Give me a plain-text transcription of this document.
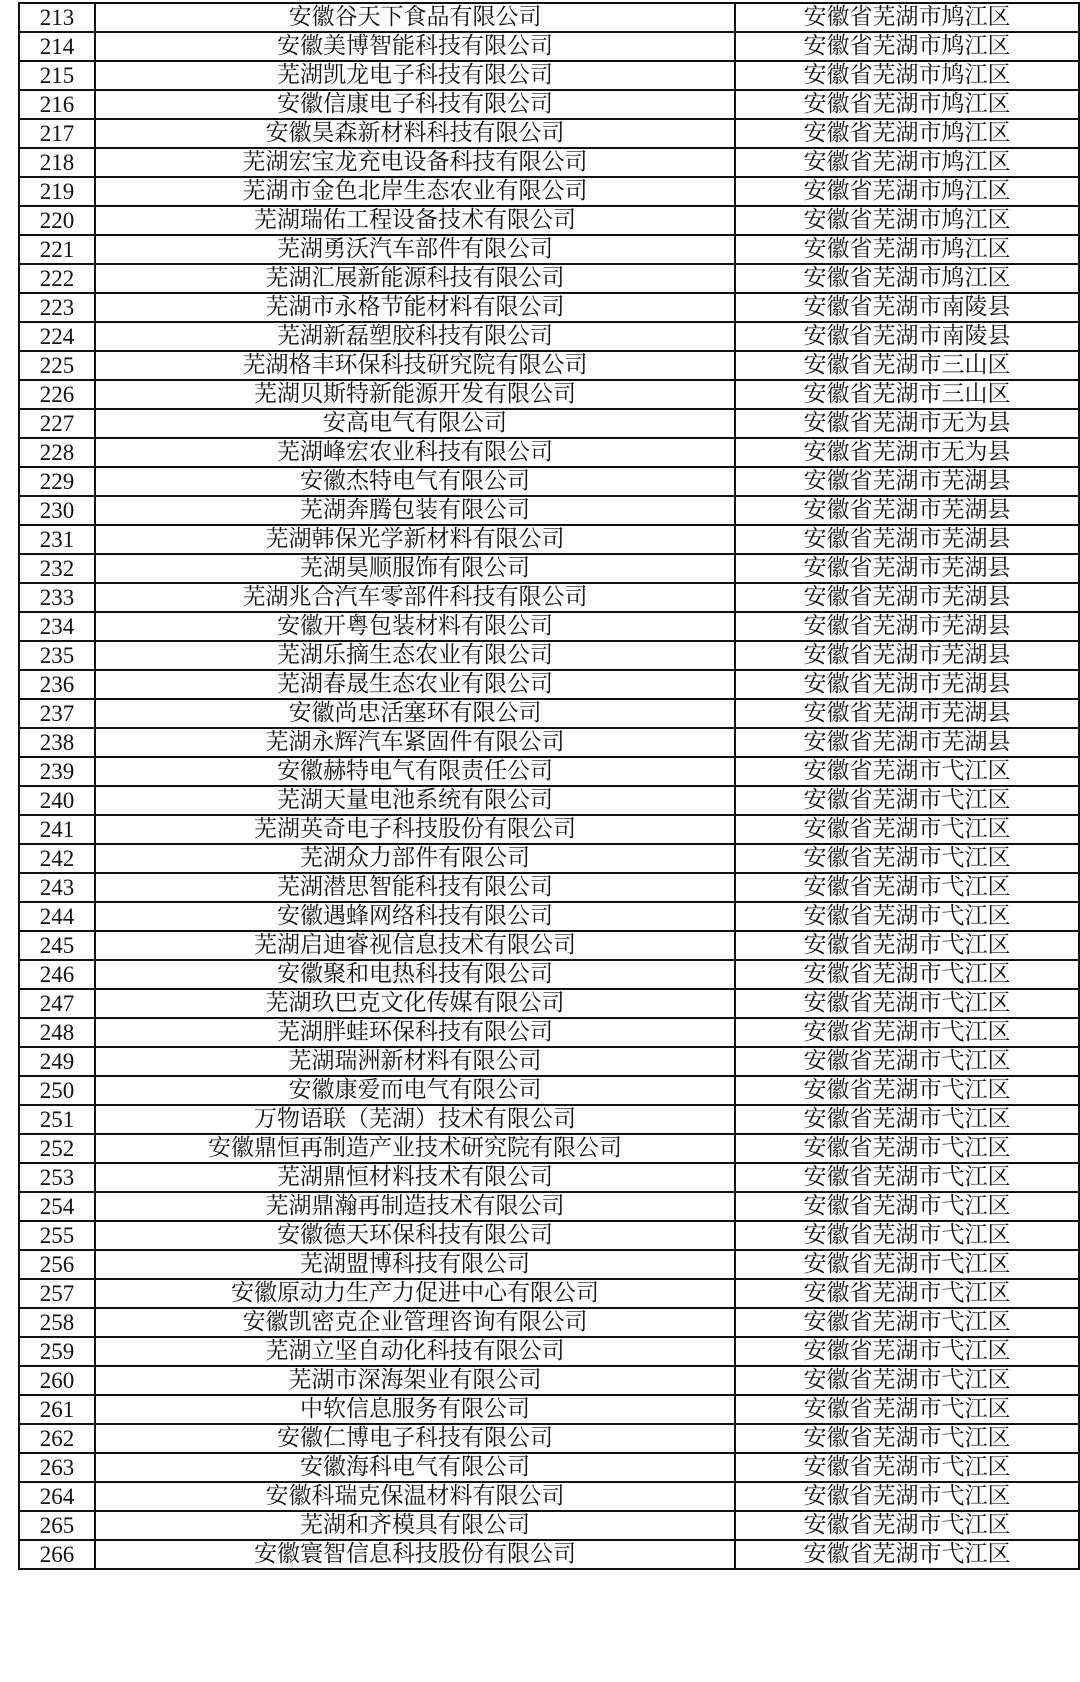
213	安徽谷天下食品有限公司	安徽省芜湖市鸠江区
214	安徽美博智能科技有限公司	安徽省芜湖市鸠江区
215	芜湖凯龙电子科技有限公司	安徽省芜湖市鸠江区
216	安徽信康电子科技有限公司	安徽省芜湖市鸠江区
217	安徽昊森新材料科技有限公司	安徽省芜湖市鸠江区
218	芜湖宏宝龙充电设备科技有限公司	安徽省芜湖市鸠江区
219	芜湖市金色北岸生态农业有限公司	安徽省芜湖市鸠江区
220	芜湖瑞佑工程设备技术有限公司	安徽省芜湖市鸠江区
221	芜湖勇沃汽车部件有限公司	安徽省芜湖市鸠江区
222	芜湖汇展新能源科技有限公司	安徽省芜湖市鸠江区
223	芜湖市永格节能材料有限公司	安徽省芜湖市南陵县
224	芜湖新磊塑胶科技有限公司	安徽省芜湖市南陵县
225	芜湖格丰环保科技研究院有限公司	安徽省芜湖市三山区
226	芜湖贝斯特新能源开发有限公司	安徽省芜湖市三山区
227	安高电气有限公司	安徽省芜湖市无为县
228	芜湖峰宏农业科技有限公司	安徽省芜湖市无为县
229	安徽杰特电气有限公司	安徽省芜湖市芜湖县
230	芜湖奔腾包装有限公司	安徽省芜湖市芜湖县
231	芜湖韩保光学新材料有限公司	安徽省芜湖市芜湖县
232	芜湖昊顺服饰有限公司	安徽省芜湖市芜湖县
233	芜湖兆合汽车零部件科技有限公司	安徽省芜湖市芜湖县
234	安徽开粤包装材料有限公司	安徽省芜湖市芜湖县
235	芜湖乐摘生态农业有限公司	安徽省芜湖市芜湖县
236	芜湖春晟生态农业有限公司	安徽省芜湖市芜湖县
237	安徽尚忠活塞环有限公司	安徽省芜湖市芜湖县
238	芜湖永辉汽车紧固件有限公司	安徽省芜湖市芜湖县
239	安徽赫特电气有限责任公司	安徽省芜湖市弋江区
240	芜湖天量电池系统有限公司	安徽省芜湖市弋江区
241	芜湖英奇电子科技股份有限公司	安徽省芜湖市弋江区
242	芜湖众力部件有限公司	安徽省芜湖市弋江区
243	芜湖潜思智能科技有限公司	安徽省芜湖市弋江区
244	安徽遇蜂网络科技有限公司	安徽省芜湖市弋江区
245	芜湖启迪睿视信息技术有限公司	安徽省芜湖市弋江区
246	安徽聚和电热科技有限公司	安徽省芜湖市弋江区
247	芜湖玖巴克文化传媒有限公司	安徽省芜湖市弋江区
248	芜湖胖蛙环保科技有限公司	安徽省芜湖市弋江区
249	芜湖瑞洲新材料有限公司	安徽省芜湖市弋江区
250	安徽康爱而电气有限公司	安徽省芜湖市弋江区
251	万物语联（芜湖）技术有限公司	安徽省芜湖市弋江区
252	安徽鼎恒再制造产业技术研究院有限公司	安徽省芜湖市弋江区
253	芜湖鼎恒材料技术有限公司	安徽省芜湖市弋江区
254	芜湖鼎瀚再制造技术有限公司	安徽省芜湖市弋江区
255	安徽德天环保科技有限公司	安徽省芜湖市弋江区
256	芜湖盟博科技有限公司	安徽省芜湖市弋江区
257	安徽原动力生产力促进中心有限公司	安徽省芜湖市弋江区
258	安徽凯密克企业管理咨询有限公司	安徽省芜湖市弋江区
259	芜湖立坚自动化科技有限公司	安徽省芜湖市弋江区
260	芜湖市深海架业有限公司	安徽省芜湖市弋江区
261	中软信息服务有限公司	安徽省芜湖市弋江区
262	安徽仁博电子科技有限公司	安徽省芜湖市弋江区
263	安徽海科电气有限公司	安徽省芜湖市弋江区
264	安徽科瑞克保温材料有限公司	安徽省芜湖市弋江区
265	芜湖和齐模具有限公司	安徽省芜湖市弋江区
266	安徽寰智信息科技股份有限公司	安徽省芜湖市弋江区
